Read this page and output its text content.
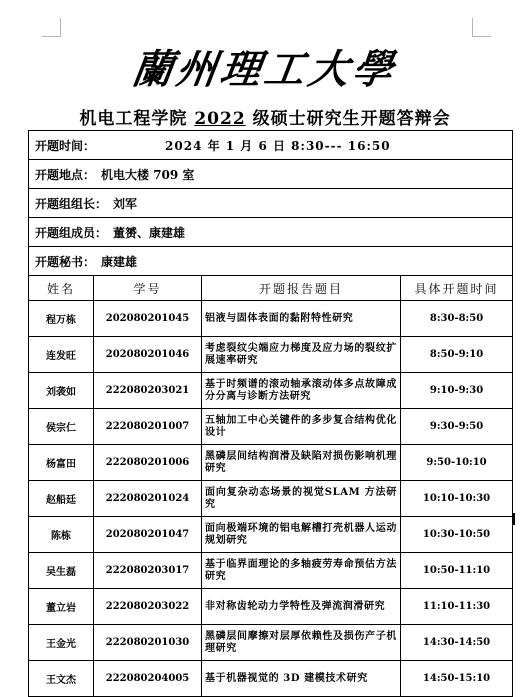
蘭州理工大學
机电工程学院 2022 级硕士研究生开题答辩会
开题时间： 2024 年 1 月 6 日 8:30--- 16:50			
开题地点： 机电大楼 709 室			
开题组组长： 刘军			
开题组成员： 董赟、康建雄			
开题秘书： 康建雄			
姓名	学号	开题报告题目	具体开题时间
程万栋	202080201045	铝液与固体表面的黏附特性研究	8:30-8:50
连发旺	202080201046	考虑裂纹尖端应力梯度及应力场的裂纹扩展速率研究	8:50-9:10
刘袭如	222080203021	基于时频谱的滚动轴承滚动体多点故障成分分离与诊断方法研究	9:10-9:30
侯宗仁	222080201007	五轴加工中心关键件的多步复合结构优化设计	9:30-9:50
杨富田	222080201006	黑磷层间结构润滑及缺陷对损伤影响机理研究	9:50-10:10
赵船廷	222080201024	面向复杂动态场景的视觉SLAM 方法研究	10:10-10:30
陈栋	202080201047	面向极端环境的铝电解槽打壳机器人运动规划研究	10:30-10:50
吴生磊	222080203017	基于临界面理论的多轴疲劳寿命预估方法研究	10:50-11:10
董立岩	222080203022	非对称齿轮动力学特性及弹流润滑研究	11:10-11:30
王金光	222080201030	黑磷层间摩擦对层厚依赖性及损伤产子机理研究	14:30-14:50
王文杰	222080204005	基于机器视觉的 3D 建模技术研究	14:50-15:10
